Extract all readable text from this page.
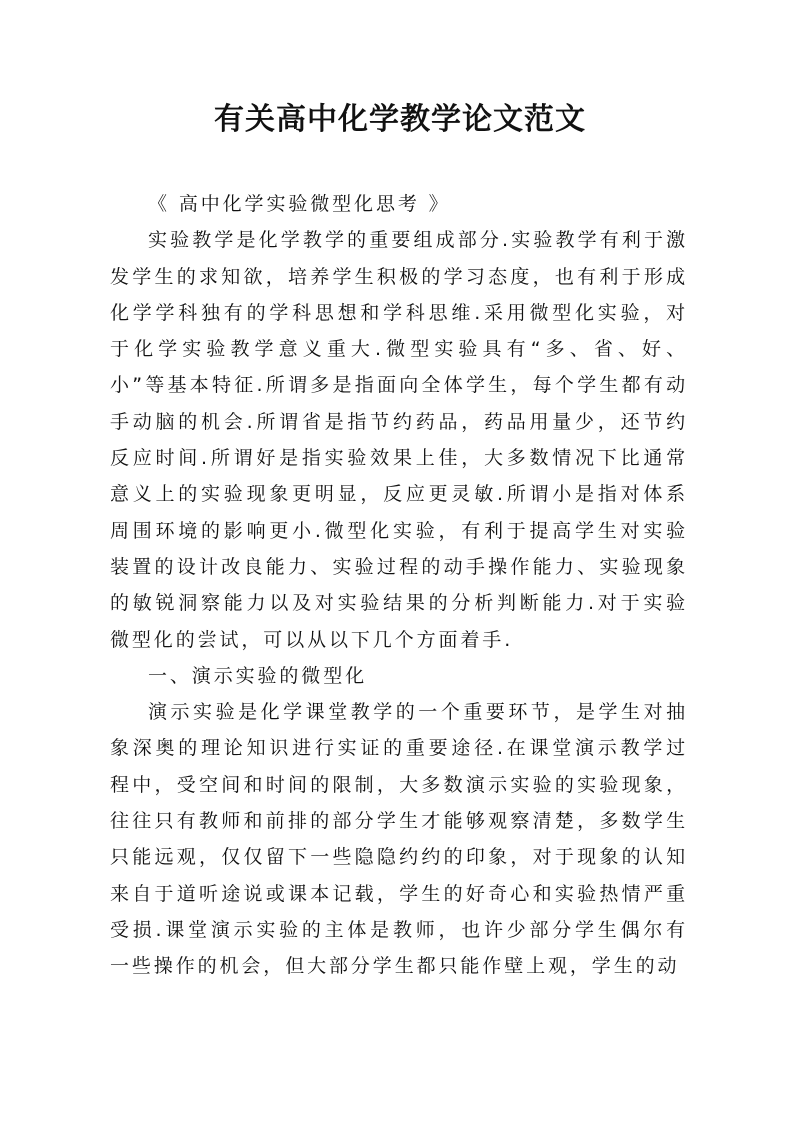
有关高中化学教学论文范文

《 高中化学实验微型化思考 》

实验教学是化学教学的重要组成部分.实验教学有利于激发学生的求知欲，培养学生积极的学习态度，也有利于形成化学学科独有的学科思想和学科思维.采用微型化实验，对于化学实验教学意义重大.微型实验具有“多、省、好、小”等基本特征.所谓多是指面向全体学生，每个学生都有动手动脑的机会.所谓省是指节约药品，药品用量少，还节约反应时间.所谓好是指实验效果上佳，大多数情况下比通常意义上的实验现象更明显，反应更灵敏.所谓小是指对体系周围环境的影响更小.微型化实验，有利于提高学生对实验装置的设计改良能力、实验过程的动手操作能力、实验现象的敏锐洞察能力以及对实验结果的分析判断能力.对于实验微型化的尝试，可以从以下几个方面着手.

一、演示实验的微型化

演示实验是化学课堂教学的一个重要环节，是学生对抽象深奥的理论知识进行实证的重要途径.在课堂演示教学过程中，受空间和时间的限制，大多数演示实验的实验现象，往往只有教师和前排的部分学生才能够观察清楚，多数学生只能远观，仅仅留下一些隐隐约约的印象，对于现象的认知来自于道听途说或课本记载，学生的好奇心和实验热情严重受损.课堂演示实验的主体是教师，也许少部分学生偶尔有一些操作的机会，但大部分学生都只能作壁上观，学生的动
